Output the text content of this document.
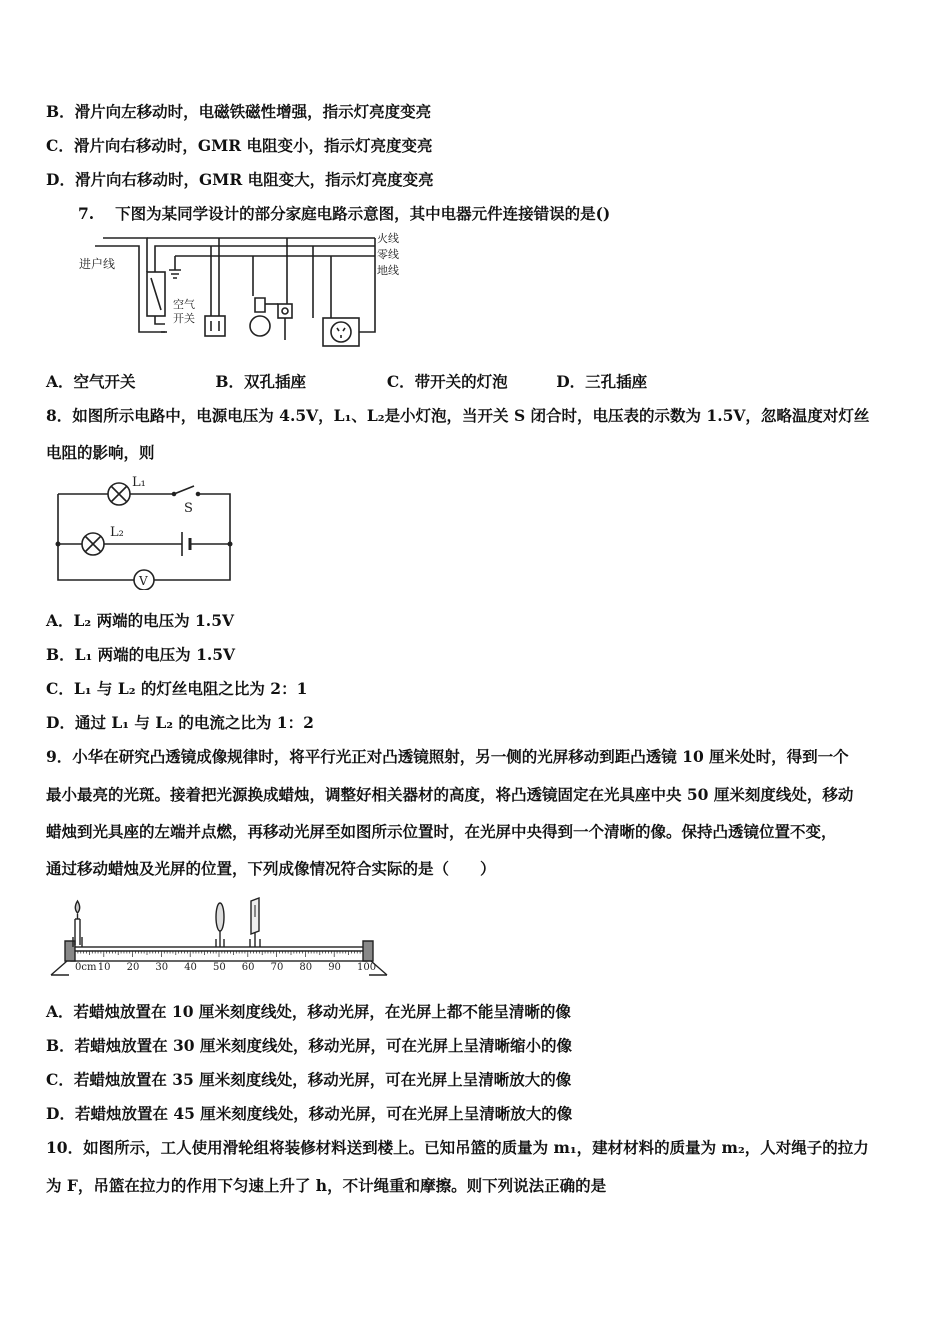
B．滑片向左移动时，电磁铁磁性增强，指示灯亮度变亮
C．滑片向右移动时，GMR 电阻变小，指示灯亮度变亮
D．滑片向右移动时，GMR 电阻变大，指示灯亮度变亮
7.　 下图为某同学设计的部分家庭电路示意图，其中电器元件连接错误的是()
进户线
火线
零线
地线
空气
开关
A．空气开关	B．双孔插座	C．带开关的灯泡	D．三孔插座
8．如图所示电路中，电源电压为 4.5V，L₁、L₂是小灯泡，当开关 S 闭合时，电压表的示数为 1.5V，忽略温度对灯丝
电阻的影响，则
L₁
S
L₂
V
A．L₂ 两端的电压为 1.5V
B．L₁ 两端的电压为 1.5V
C．L₁ 与 L₂ 的灯丝电阻之比为 2：1
D．通过 L₁ 与 L₂ 的电流之比为 1：2
9．小华在研究凸透镜成像规律时，将平行光正对凸透镜照射，另一侧的光屏移动到距凸透镜 10 厘米处时，得到一个
最小最亮的光斑。接着把光源换成蜡烛，调整好相关器材的高度，将凸透镜固定在光具座中央 50 厘米刻度线处，移动
蜡烛到光具座的左端并点燃，再移动光屏至如图所示位置时，在光屏中央得到一个清晰的像。保持凸透镜位置不变，
通过移动蜡烛及光屏的位置，下列成像情况符合实际的是（　　）
0cm 10 20 30 40 50 60 70 80 90 100
A．若蜡烛放置在 10 厘米刻度线处，移动光屏，在光屏上都不能呈清晰的像
B．若蜡烛放置在 30 厘米刻度线处，移动光屏，可在光屏上呈清晰缩小的像
C．若蜡烛放置在 35 厘米刻度线处，移动光屏，可在光屏上呈清晰放大的像
D．若蜡烛放置在 45 厘米刻度线处，移动光屏，可在光屏上呈清晰放大的像
10．如图所示，工人使用滑轮组将装修材料送到楼上。已知吊篮的质量为 m₁，建材材料的质量为 m₂，人对绳子的拉力
为 F，吊篮在拉力的作用下匀速上升了 h，不计绳重和摩擦。则下列说法正确的是
